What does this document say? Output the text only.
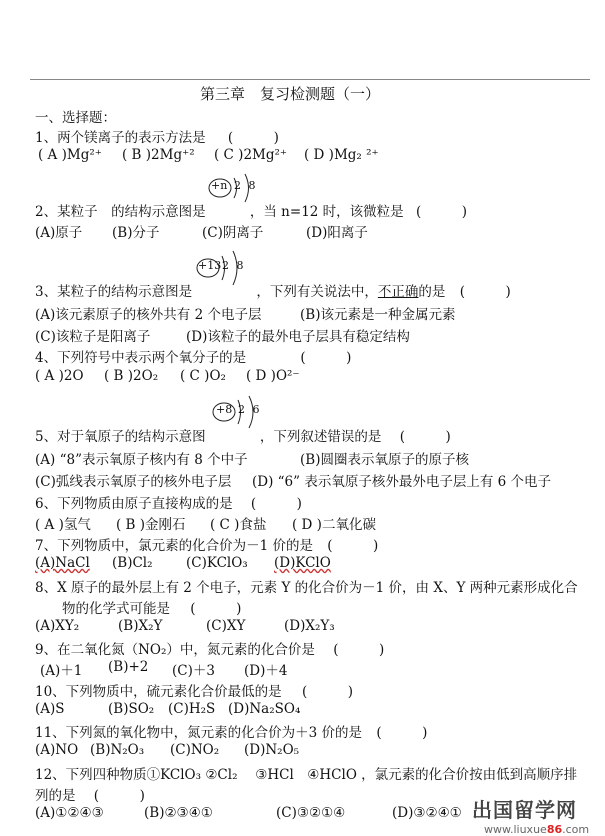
第三章　复习检测题（一）
一、选择题：
1、两个镁离子的表示方法是 (　　　)
( A )Mg²⁺ ( B )2Mg⁺² ( C )2Mg²⁺ ( D )Mg₂ ²⁺
+n 2 8
2、某粒子　的结构示意图是	，当 n=12 时，该微粒是 (　　　)
(A)原子 (B)分子	(C)阴离子	(D)阳离子
+13 2 8
3、某粒子的结构示意图是	，下列有关说法中，不正确的是 (　　　)
(A)该元素原子的核外共有 2 个电子层	(B)该元素是一种金属元素
(C)该粒子是阳离子	(D)该粒子的最外电子层具有稳定结构
4、下列符号中表示两个氧分子的是	(　　　)
( A )2O ( B )2O₂ ( C )O₂ ( D )O²⁻
+8 2 6
5、对于氧原子的结构示意图	，下列叙述错误的是 (　　　)
(A) “8”表示氧原子核内有 8 个中子	(B)圆圈表示氧原子的原子核
(C)弧线表示氧原子的核外电子层 (D) “6” 表示氧原子核外最外电子层上有 6 个电子
6、下列物质由原子直接构成的是 (　　　)
( A )氢气 ( B )金刚石 ( C )食盐 ( D )二氧化碳
7、下列物质中，氯元素的化合价为－1 价的是 (　　　)
(A)NaCl (B)Cl₂ (C)KClO₃ (D)KClO
8、X 原子的最外层上有 2 个电子，元素 Y 的化合价为－1 价，由 X、Y 两种元素形成化合
物的化学式可能是 (　　　)
(A)XY₂	(B)X₂Y	(C)XY	(D)X₂Y₃
9、在二氧化氮（NO₂）中，氮元素的化合价是 (　　　)
(A)＋1 (B)+2 (C)＋3 (D)＋4
10、下列物质中，硫元素化合价最低的是 (　　　)
(A)S	(B)SO₂ (C)H₂S (D)Na₂SO₄
11、下列氮的氧化物中，氮元素的化合价为＋3 价的是 (　　　)
(A)NO (B)N₂O₃ (C)NO₂ (D)N₂O₅
12、下列四种物质①KClO₃ ②Cl₂　 ③HCl　④HClO ，氯元素的化合价按由低到高顺序排
列的是 (　　　)
(A)①②④③	(B)②③④①	(C)③②①④	(D)③②④① 出国留学网
www.liuxue86.com
